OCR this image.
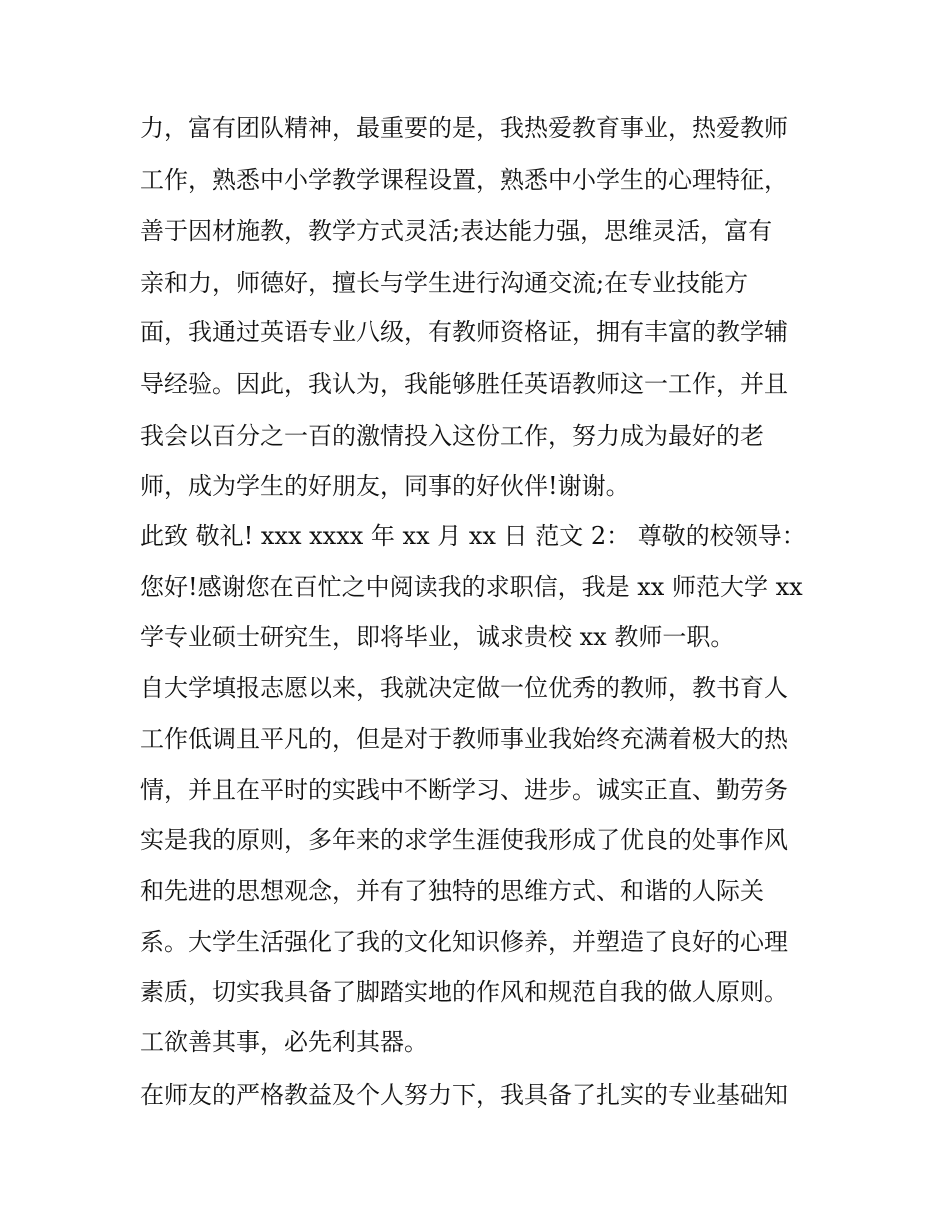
力，富有团队精神，最重要的是，我热爱教育事业，热爱教师

工作，熟悉中小学教学课程设置，熟悉中小学生的心理特征，

善于因材施教，教学方式灵活;表达能力强，思维灵活，富有

亲和力，师德好，擅长与学生进行沟通交流;在专业技能方

面，我通过英语专业八级，有教师资格证，拥有丰富的教学辅

导经验。因此，我认为，我能够胜任英语教师这一工作，并且

我会以百分之一百的激情投入这份工作，努力成为最好的老

师，成为学生的好朋友，同事的好伙伴!谢谢。

此致 敬礼! xxx xxxx 年 xx 月 xx 日 范文 2： 尊敬的校领导：

您好!感谢您在百忙之中阅读我的求职信，我是 xx 师范大学 xx

学专业硕士研究生，即将毕业，诚求贵校 xx 教师一职。

自大学填报志愿以来，我就决定做一位优秀的教师，教书育人

工作低调且平凡的，但是对于教师事业我始终充满着极大的热

情，并且在平时的实践中不断学习、进步。诚实正直、勤劳务

实是我的原则，多年来的求学生涯使我形成了优良的处事作风

和先进的思想观念，并有了独特的思维方式、和谐的人际关

系。大学生活强化了我的文化知识修养，并塑造了良好的心理

素质，切实我具备了脚踏实地的作风和规范自我的做人原则。

工欲善其事，必先利其器。

在师友的严格教益及个人努力下，我具备了扎实的专业基础知
